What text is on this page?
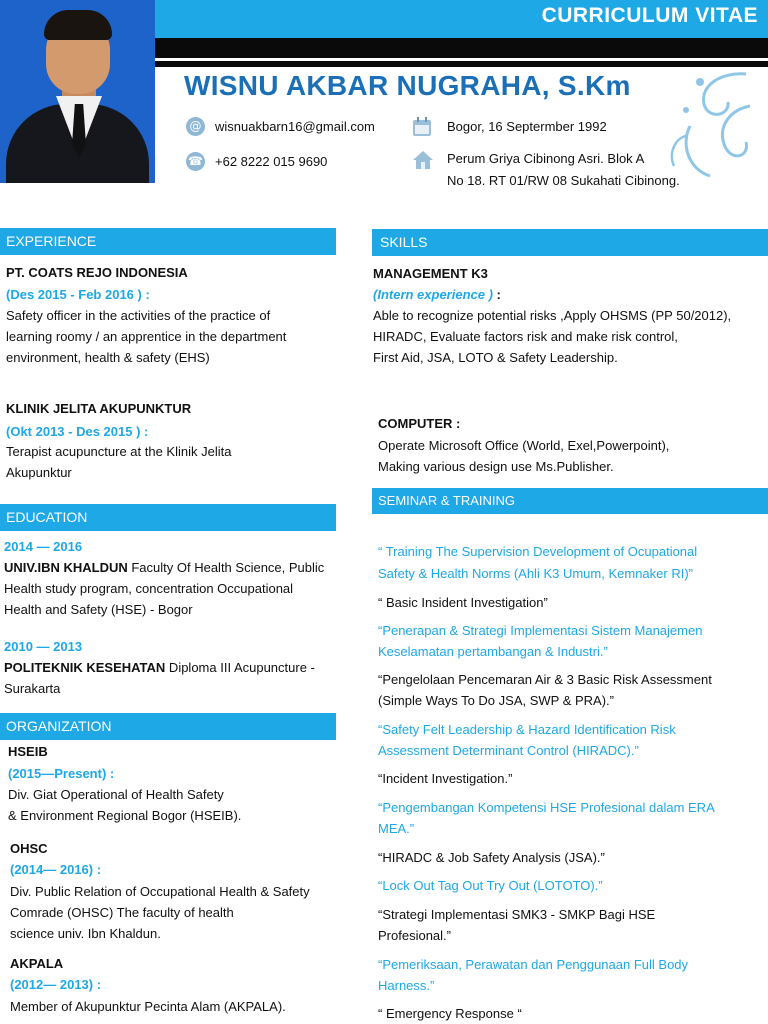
CURRICULUM VITAE
WISNU AKBAR NUGRAHA, S.Km
@ wisnuakbarn16@gmail.com
☎ +62 8222 015 9690
Bogor, 16 Septermber 1992
Perum Griya Cibinong Asri. Blok A
No 18. RT 01/RW 08 Sukahati Cibinong.
EXPERIENCE
PT. COATS REJO INDONESIA
(Des 2015 - Feb 2016 ) :
Safety officer in the activities of the practice of
learning roomy / an apprentice in the department
environment, health & safety (EHS)
KLINIK JELITA AKUPUNKTUR
(Okt 2013 - Des 2015 ) :
Terapist acupuncture at the Klinik Jelita
Akupunktur
EDUCATION
2014 — 2016
UNIV.IBN KHALDUN Faculty Of Health Science, Public
Health study program, concentration Occupational
Health and Safety (HSE) - Bogor
2010 — 2013
POLITEKNIK KESEHATAN Diploma III Acupuncture -
Surakarta
ORGANIZATION
HSEIB
(2015—Present) :
Div. Giat Operational of Health Safety
& Environment Regional Bogor (HSEIB).
OHSC
(2014— 2016) :
Div. Public Relation of Occupational Health & Safety
Comrade (OHSC) The faculty of health
science univ. Ibn Khaldun.
AKPALA
(2012— 2013) :
Member of Akupunktur Pecinta Alam (AKPALA).
SKILLS
MANAGEMENT K3
(Intern experience ) :
Able to recognize potential risks ,Apply OHSMS (PP 50/2012),
HIRADC, Evaluate factors risk and make risk control,
First Aid, JSA, LOTO & Safety Leadership.
COMPUTER :
Operate Microsoft Office (World, Exel,Powerpoint),
Making various design use Ms.Publisher.
SEMINAR & TRAINING
“ Training The Supervision Development of Ocupational
Safety & Health Norms (Ahli K3 Umum, Kemnaker RI)”
“ Basic Insident Investigation”
“Penerapan & Strategi Implementasi Sistem Manajemen
Keselamatan pertambangan & Industri.”
“Pengelolaan Pencemaran Air & 3 Basic Risk Assessment
(Simple Ways To Do JSA, SWP & PRA).”
“Safety Felt Leadership & Hazard Identification Risk
Assessment Determinant Control (HIRADC).”
“Incident Investigation.”
“Pengembangan Kompetensi HSE Profesional dalam ERA
MEA.”
“HIRADC & Job Safety Analysis (JSA).”
“Lock Out Tag Out Try Out (LOTOTO).”
“Strategi Implementasi SMK3 - SMKP Bagi HSE
Profesional.”
“Pemeriksaan, Perawatan dan Penggunaan Full Body
Harness.”
“ Emergency Response “
